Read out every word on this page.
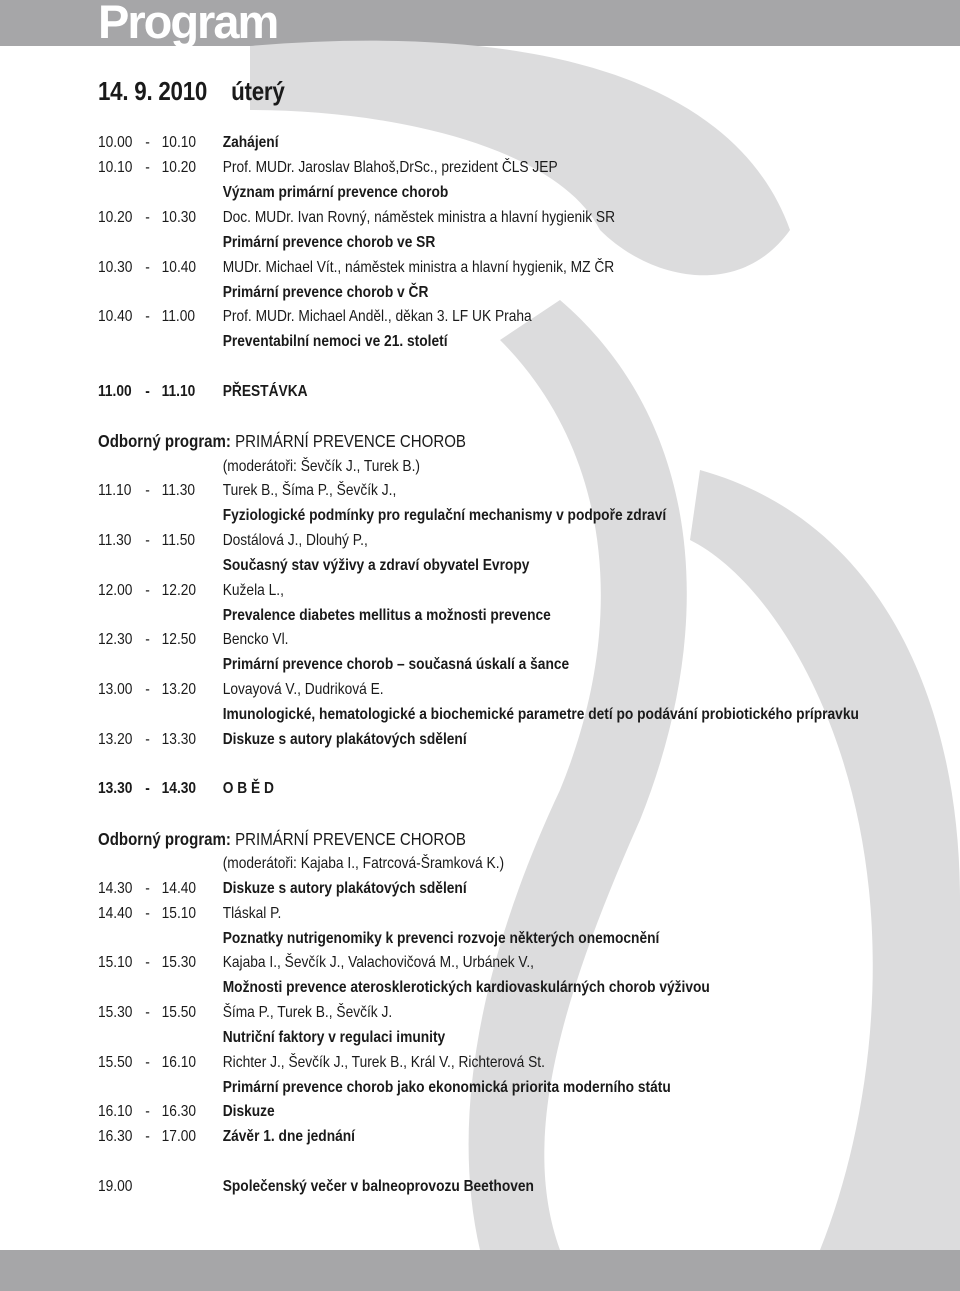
Program
14. 9. 2010 úterý
10.00 - 10.10	Zahájení
10.10 - 10.20	Prof. MUDr. Jaroslav Blahoš,DrSc., prezident ČLS JEP
Význam primární prevence chorob
10.20 - 10.30	Doc. MUDr. Ivan Rovný, náměstek ministra a hlavní hygienik SR
Primární prevence chorob ve SR
10.30 - 10.40	MUDr. Michael Vít., náměstek ministra a hlavní hygienik, MZ ČR
Primární prevence chorob v ČR
10.40 - 11.00	Prof. MUDr. Michael Anděl., děkan 3. LF UK Praha
Preventabilní nemoci ve 21. století
11.00 - 11.10	PŘESTÁVKA
Odborný program: PRIMÁRNÍ PREVENCE CHOROB
(moderátoři: Ševčík J., Turek B.)
11.10 - 11.30	Turek B., Šíma P., Ševčík J.,
Fyziologické podmínky pro regulační mechanismy v podpoře zdraví
11.30 - 11.50	Dostálová J., Dlouhý P.,
Současný stav výživy a zdraví obyvatel Evropy
12.00 - 12.20	Kužela L.,
Prevalence diabetes mellitus a možnosti prevence
12.30 - 12.50	Bencko Vl.
Primární prevence chorob – současná úskalí a šance
13.00 - 13.20	Lovayová V., Dudriková E.
Imunologické, hematologické a biochemické parametre detí po podávání probiotického prípravku
13.20 - 13.30	Diskuze s autory plakátových sdělení
13.30 - 14.30	O B Ě D
Odborný program: PRIMÁRNÍ PREVENCE CHOROB
(moderátoři: Kajaba I., Fatrcová-Šramková K.)
14.30 - 14.40	Diskuze s autory plakátových sdělení
14.40 - 15.10	Tláskal P.
Poznatky nutrigenomiky k prevenci rozvoje některých onemocnění
15.10 - 15.30	Kajaba I., Ševčík J., Valachovičová M., Urbánek V.,
Možnosti prevence aterosklerotických kardiovaskulárných chorob výživou
15.30 - 15.50	Šíma P., Turek B., Ševčík J.
Nutriční faktory v regulaci imunity
15.50 - 16.10	Richter J., Ševčík J., Turek B., Král V., Richterová St.
Primární prevence chorob jako ekonomická priorita moderního státu
16.10 - 16.30	Diskuze
16.30 - 17.00	Závěr 1. dne jednání
19.00	Společenský večer v balneoprovozu Beethoven
